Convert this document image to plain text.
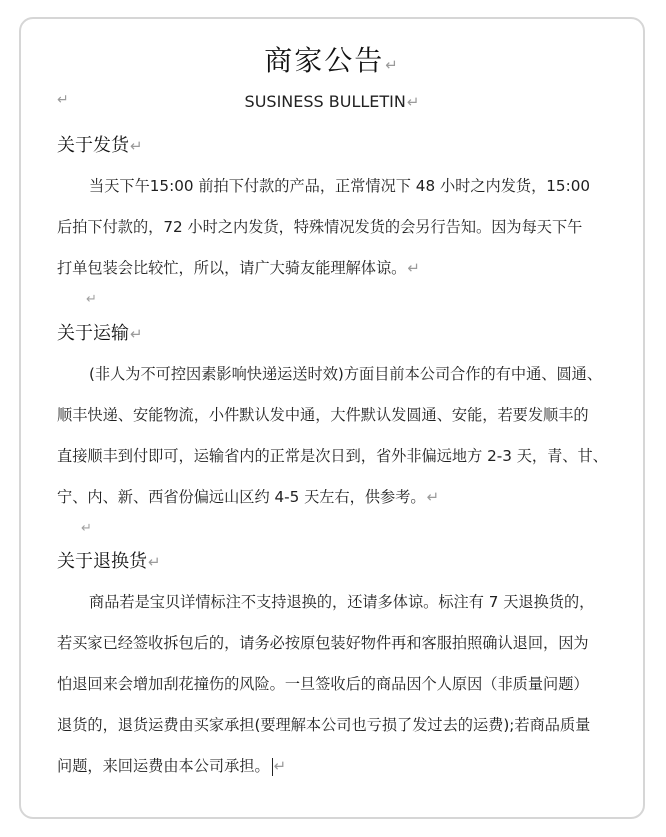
商家公告↵
↵	SUSINESS BULLETIN↵
关于发货↵
当天下午15:00 前拍下付款的产品，正常情况下 48 小时之内发货，15:00
后拍下付款的，72 小时之内发货，特殊情况发货的会另行告知。因为每天下午
打单包装会比较忙，所以，请广大骑友能理解体谅。↵
↵
关于运输↵
(非人为不可控因素影响快递运送时效)方面目前本公司合作的有中通、圆通、
顺丰快递、安能物流，小件默认发中通，大件默认发圆通、安能，若要发顺丰的
直接顺丰到付即可，运输省内的正常是次日到，省外非偏远地方 2-3 天，青、甘、
宁、内、新、西省份偏远山区约 4-5 天左右，供参考。↵
↵
关于退换货↵
商品若是宝贝详情标注不支持退换的，还请多体谅。标注有 7 天退换货的，
若买家已经签收拆包后的，请务必按原包装好物件再和客服拍照确认退回，因为
怕退回来会增加刮花撞伤的风险。一旦签收后的商品因个人原因（非质量问题）
退货的，退货运费由买家承担(要理解本公司也亏损了发过去的运费);若商品质量
问题，来回运费由本公司承担。 ↵
